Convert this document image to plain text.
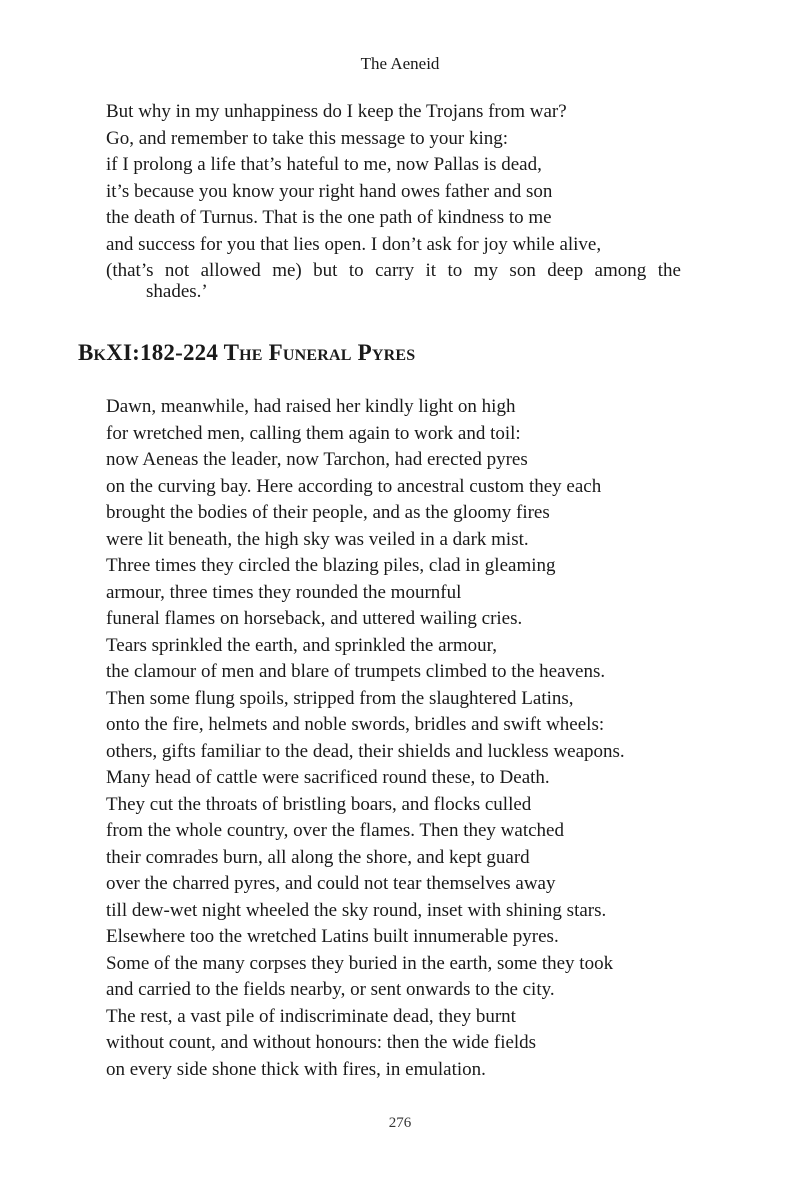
The Aeneid
But why in my unhappiness do I keep the Trojans from war?
Go, and remember to take this message to your king:
if I prolong a life that’s hateful to me, now Pallas is dead,
it’s because you know your right hand owes father and son
the death of Turnus. That is the one path of kindness to me
and success for you that lies open. I don’t ask for joy while alive,
(that’s not allowed me) but to carry it to my son deep among the
shades.’
BkXI:182-224 The Funeral Pyres
Dawn, meanwhile, had raised her kindly light on high
for wretched men, calling them again to work and toil:
now Aeneas the leader, now Tarchon, had erected pyres
on the curving bay. Here according to ancestral custom they each
brought the bodies of their people, and as the gloomy fires
were lit beneath, the high sky was veiled in a dark mist.
Three times they circled the blazing piles, clad in gleaming
armour, three times they rounded the mournful
funeral flames on horseback, and uttered wailing cries.
Tears sprinkled the earth, and sprinkled the armour,
the clamour of men and blare of trumpets climbed to the heavens.
Then some flung spoils, stripped from the slaughtered Latins,
onto the fire, helmets and noble swords, bridles and swift wheels:
others, gifts familiar to the dead, their shields and luckless weapons.
Many head of cattle were sacrificed round these, to Death.
They cut the throats of bristling boars, and flocks culled
from the whole country, over the flames. Then they watched
their comrades burn, all along the shore, and kept guard
over the charred pyres, and could not tear themselves away
till dew-wet night wheeled the sky round, inset with shining stars.
Elsewhere too the wretched Latins built innumerable pyres.
Some of the many corpses they buried in the earth, some they took
and carried to the fields nearby, or sent onwards to the city.
The rest, a vast pile of indiscriminate dead, they burnt
without count, and without honours: then the wide fields
on every side shone thick with fires, in emulation.
276
